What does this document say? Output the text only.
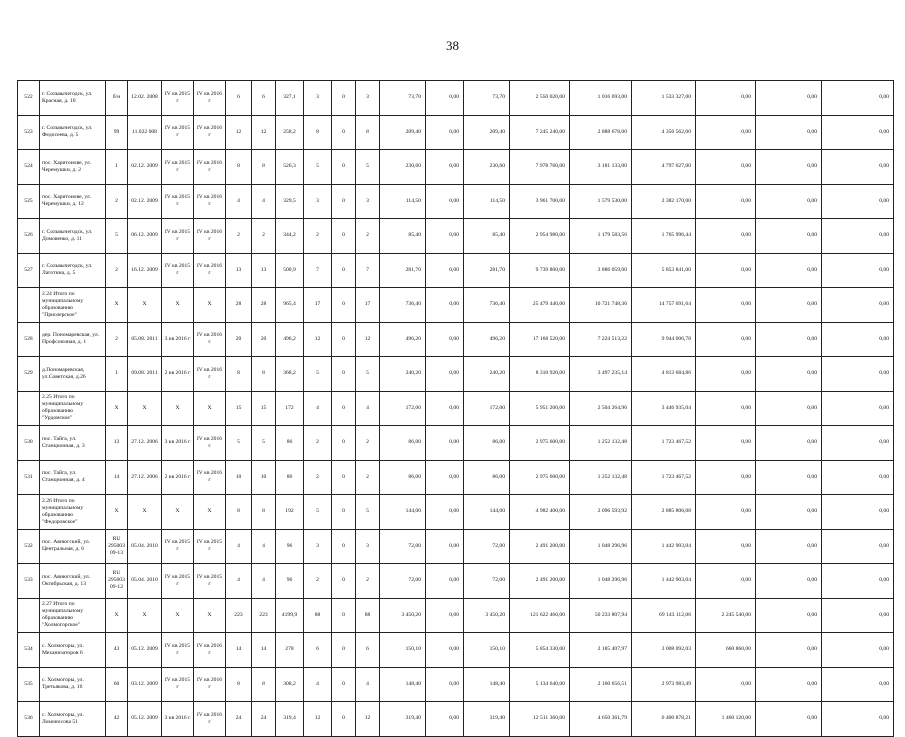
38
522	г. Сольвычегодск, ул. Красная, д. 10	б/н	12.02. 2008	IV кв 2015 г	IV кв 2016 г	6	6	327,1	3	0	3	73,70	0,00	73,70	2 550 020,00	1 016 693,00	1 533 327,00	0,00	0,00	0,00
523	г. Сольвычегодск, ул. Федосеева, д. 5	99	11.022 008	IV кв 2015 г	IV кв 2016 г	12	12	258,2	8	0	8	209,40	0,00	209,40	7 245 240,00	2 888 678,00	4 356 562,00	0,00	0,00	0,00
524	пос. Харитонове, ул. Черемушки, д. 2	1	02.12. 2009	IV кв 2015 г	IV кв 2016 г	8	8	526,3	5	0	5	230,60	0,00	230,60	7 978 760,00	3 181 133,00	4 797 627,00	0,00	0,00	0,00
525	пос. Харитонове, ул. Черемушки, д. 12	2	02.12. 2009	IV кв 2015 г	IV кв 2016 г	4	4	329,5	3	0	3	114,50	0,00	114,50	3 961 700,00	1 579 530,00	2 382 170,00	0,00	0,00	0,00
526	г. Сольвычегодск, ул. Домовенко, д. 11	5	06.12. 2009	IV кв 2015 г	IV кв 2016 г	2	2	344,2	2	0	2	85,40	0,00	85,40	2 954 980,00	1 179 583,56	1 765 996,44	0,00	0,00	0,00
527	г. Сольвычегодск, ул. Лаготина, д. 5	2	16.12. 2009	IV кв 2015 г	IV кв 2016 г	13	13	500,9	7	0	7	281,70	0,00	281,70	9 739 800,00	3 886 059,00	5 853 841,00	0,00	0,00	0,00
	2.24 Итого по муниципальному образованию "Приозерское"	Х	Х	Х	Х	28	28	965,4	17	0	17	736,40	0,00	736,40	25 479 440,00	10 721 748,36	14 757 691,64	0,00	0,00	0,00
528	дер. Пономаревская, ул. Профсоюзная, д. 1	2	05.08. 2011	3 кв 2016 г	IV кв 2016 г	20	20	496,2	12	0	12	496,20	0,00	496,20	17 168 520,00	7 224 513,22	9 944 006,78	0,00	0,00	0,00
529	д.Пономаревская, ул.Советская, д.26	1	09.08. 2011	2 кв 2016 г	IV кв 2016 г	8	8	368,2	5	0	5	240,20	0,00	240,20	8 310 920,00	3 497 235,14	4 813 684,86	0,00	0,00	0,00
	2.25 Итого по муниципальному образованию "Урдомское"	Х	Х	Х	Х	15	15	172	4	0	4	172,00	0,00	172,00	5 951 200,00	2 504 264,96	3 446 935,04	0,00	0,00	0,00
530	пос. Тайга, ул. Станционная, д. 3	13	27.12. 2006	3 кв 2016 г	IV кв 2016 г	5	5	86	2	0	2	86,00	0,00	86,00	2 975 600,00	1 252 132,48	1 723 467,52	0,00	0,00	0,00
531	пос. Тайга, ул. Станционная, д. 4	14	27.12. 2006	2 кв 2016 г	IV кв 2016 г	10	10	86	2	0	2	86,00	0,00	86,00	2 975 600,00	1 252 132,48	1 723 467,52	0,00	0,00	0,00
	2.26 Итого по муниципальному образованию "Федоровское"	Х	Х	Х	Х	8	8	192	5	0	5	144,00	0,00	144,00	4 982 400,00	2 096 593,92	2 885 806,08	0,00	0,00	0,00
532	пос. Авнюгский, ул. Центральная, д. 6	RU 295003 09-13	05.04. 2010	IV кв 2015 г	IV кв 2015 г	4	4	96	3	0	3	72,00	0,00	72,00	2 491 200,00	1 048 296,96	1 442 903,04	0,00	0,00	0,00
533	пос. Авнюгский, ул. Октябрьская, д. 13	RU 295003 09-12	05.04. 2010	IV кв 2015 г	IV кв 2015 г	4	4	96	2	0	2	72,00	0,00	72,00	2 491 200,00	1 048 296,96	1 442 903,04	0,00	0,00	0,00
	2.27 Итого по муниципальному образованию "Холмогорское"	Х	Х	Х	Х	223	223	4199,9	88	0	88	3 450,20	0,00	3 450,20	121 622 460,00	50 233 807,94	69 143 112,06	2 245 540,00	0,00	0,00
534	с. Холмогоры, ул. Механизаторов 6	43	05.12. 2009	IV кв 2015 г	IV кв 2016 г	14	14	278	6	0	6	150,10	0,00	150,10	5 854 330,00	2 185 407,97	3 008 092,03	660 860,00	0,00	0,00
535	с. Холмогоры, ул. Третьякова, д. 16	60	03.12. 2009	IV кв 2015 г	IV кв 2016 г	8	8	308,2	4	0	4	148,40	0,00	148,40	5 134 640,00	2 160 656,51	2 973 983,49	0,00	0,00	0,00
536	с. Холмогоры, ул. Ломоносова 51	42	05.12. 2009	3 кв 2016 г	IV кв 2016 г	24	24	319,4	12	0	12	319,40	0,00	319,40	12 511 360,00	4 650 361,79	6 400 878,21	1 460 120,00	0,00	0,00
